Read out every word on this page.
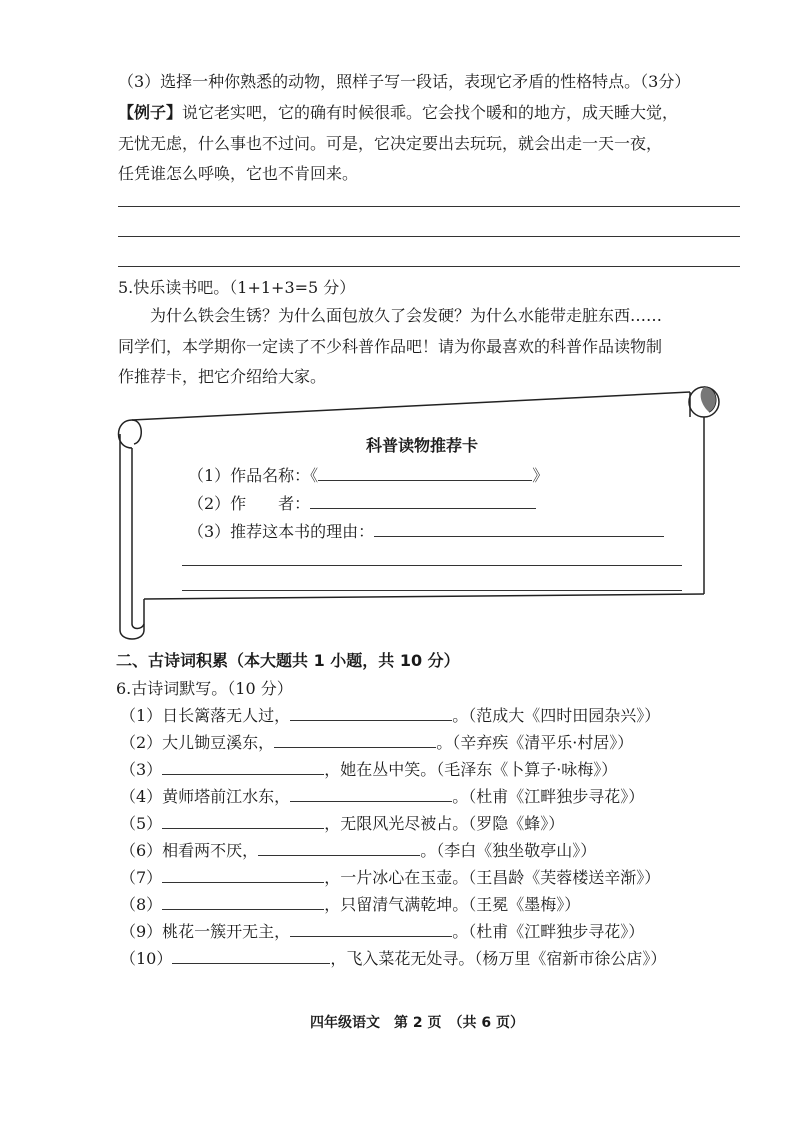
（3）选择一种你熟悉的动物，照样子写一段话，表现它矛盾的性格特点。（3分）
【例子】说它老实吧，它的确有时候很乖。它会找个暖和的地方，成天睡大觉，
无忧无虑，什么事也不过问。可是，它决定要出去玩玩，就会出走一天一夜，
任凭谁怎么呼唤，它也不肯回来。
5.快乐读书吧。（1+1+3=5 分）
为什么铁会生锈？为什么面包放久了会发硬？为什么水能带走脏东西……
同学们，本学期你一定读了不少科普作品吧！请为你最喜欢的科普作品读物制
作推荐卡，把它介绍给大家。
科普读物推荐卡
（1）作品名称：《	》
（2）作　　者：
（3）推荐这本书的理由：
二、古诗词积累（本大题共 1 小题，共 10 分）
6.古诗词默写。（10 分）
（1）日长篱落无人过，	。（范成大《四时田园杂兴》）
（2）大儿锄豆溪东，	。（辛弃疾《清平乐·村居》）
（3）	，她在丛中笑。（毛泽东《卜算子·咏梅》）
（4）黄师塔前江水东，	。（杜甫《江畔独步寻花》）
（5）	，无限风光尽被占。（罗隐《蜂》）
（6）相看两不厌，	。（李白《独坐敬亭山》）
（7）	，一片冰心在玉壶。（王昌龄《芙蓉楼送辛渐》）
（8）	，只留清气满乾坤。（王冕《墨梅》）
（9）桃花一簇开无主，	。（杜甫《江畔独步寻花》）
（10）	，飞入菜花无处寻。（杨万里《宿新市徐公店》）
四年级语文　第 2 页　（共 6 页）
